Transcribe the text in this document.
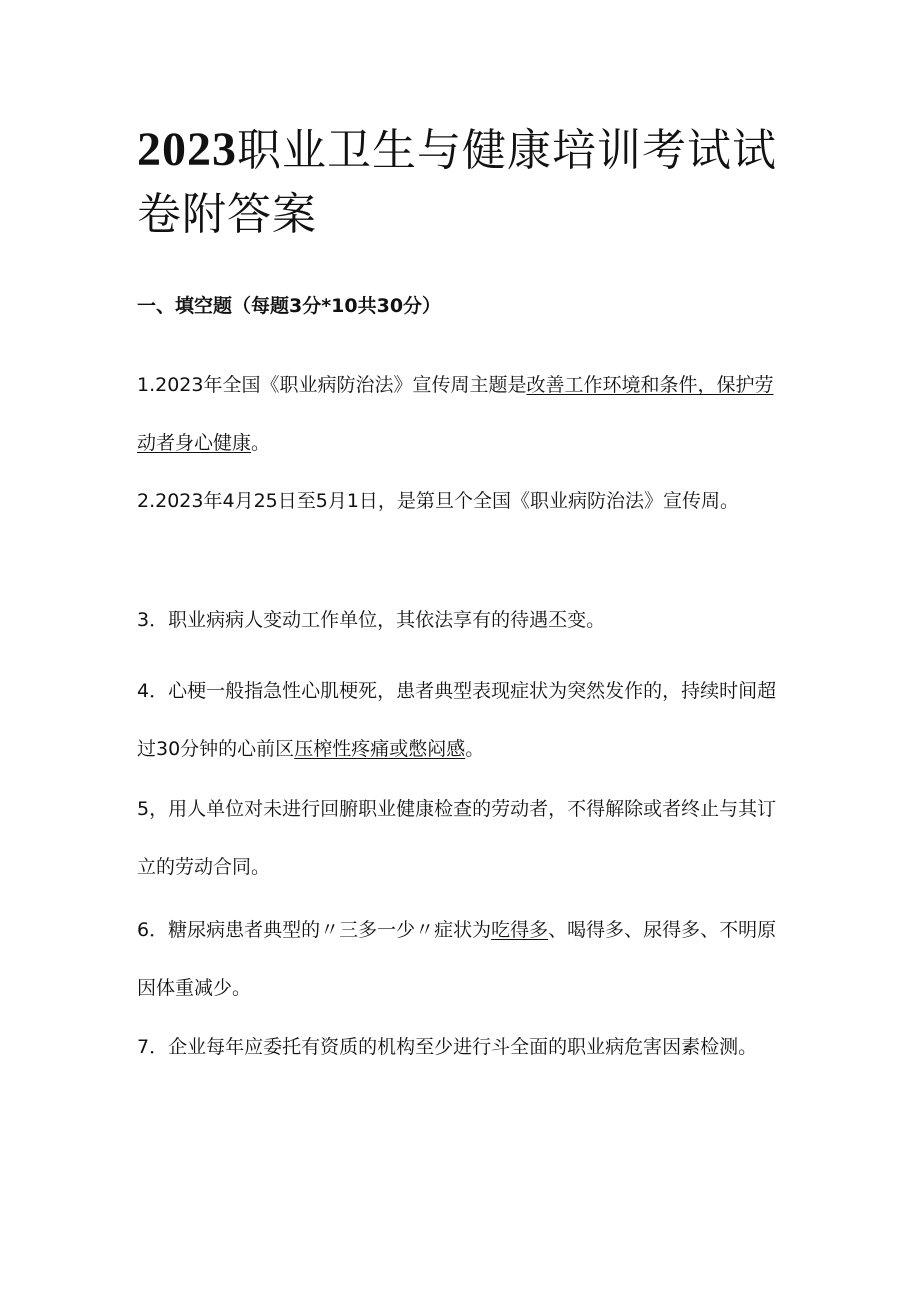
2023职业卫生与健康培训考试试卷附答案

一、填空题（每题3分*10共30分）

1.2023年全国《职业病防治法》宣传周主题是改善工作环境和条件，保护劳动者身心健康。

2.2023年4月25日至5月1日，是第旦个全国《职业病防治法》宣传周。

3．职业病病人变动工作单位，其依法享有的待遇丕变。

4．心梗一般指急性心肌梗死，患者典型表现症状为突然发作的，持续时间超过30分钟的心前区压榨性疼痛或憋闷感。

5，用人单位对未进行回腑职业健康检查的劳动者，不得解除或者终止与其订立的劳动合同。

6．糖尿病患者典型的〃三多一少〃症状为吃得多、喝得多、尿得多、不明原因体重减少。

7．企业每年应委托有资质的机构至少进行斗全面的职业病危害因素检测。
